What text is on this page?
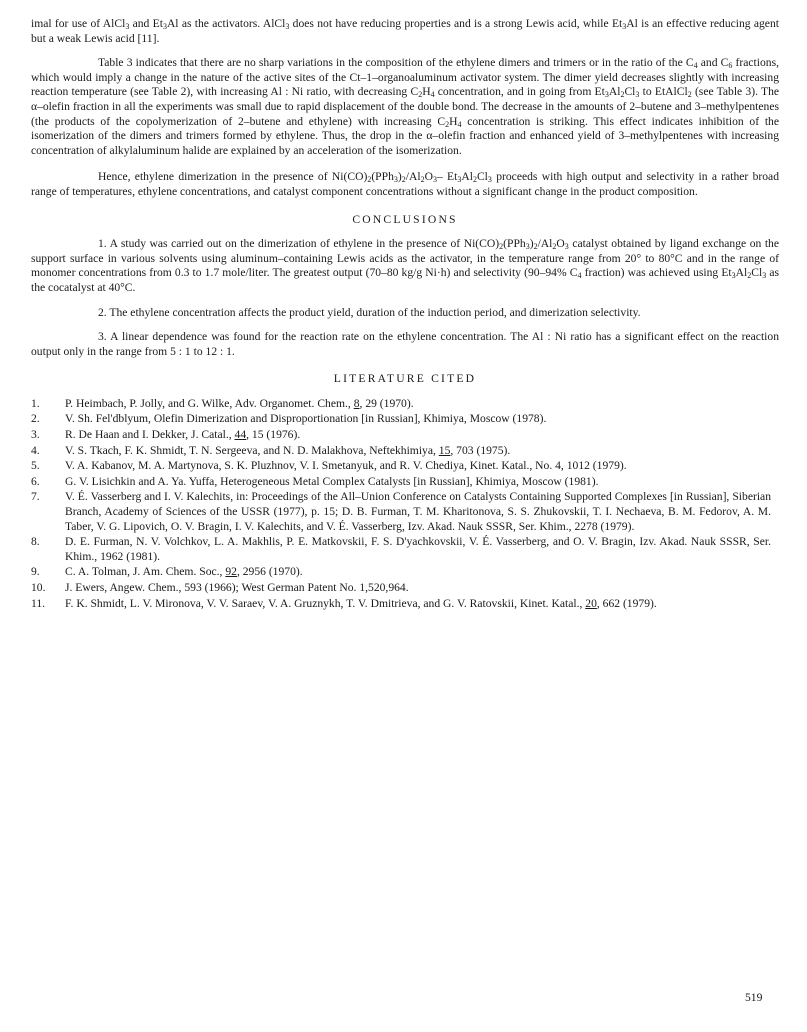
imal for use of AlCl$_3$ and $Et_3Al$ as the activators. AlCl$_3$ does not have reducing properties and is a strong Lewis acid, while $Et_3Al$ is an effective reducing agent but a weak Lewis acid [11].

Table 3 indicates that there are no sharp variations in the composition of the ethylene dimers and trimers or in the ratio of the $C_4$ and $C_6$ fractions, which would imply a change in the nature of the active sites of the Ct–1–organoaluminum activator system. The dimer yield decreases slightly with increasing reaction temperature (see Table 2), with increasing Al : Ni ratio, with decreasing $C_2H_4$ concentration, and in going from $Et_3Al_2Cl_3$ to EtAlCl$_2$ (see Table 3). The α–olefin fraction in all the experiments was small due to rapid displacement of the double bond. The decrease in the amounts of 2–butene and 3–methylpentenes (the products of the copolymerization of 2–butene and ethylene) with increasing $C_2H_4$ concentration is striking. This effect indicates inhibition of the isomerization of the dimers and trimers formed by ethylene. Thus, the drop in the α–olefin fraction and enhanced yield of 3–methylpentenes with increasing concentration of alkylaluminum halide are explained by an acceleration of the isomerization.

Hence, ethylene dimerization in the presence of $Ni(CO)_2(PPh_3)_2/Al_2O_3-$ $Et_3Al_2Cl_3$ proceeds with high output and selectivity in a rather broad range of temperatures, ethylene concentrations, and catalyst component concentrations without a significant change in the product composition.

CONCLUSIONS

1. A study was carried out on the dimerization of ethylene in the presence of $Ni(CO)_2(PPh_3)_2/Al_2O_3$ catalyst obtained by ligand exchange on the support surface in various solvents using aluminum–containing Lewis acids as the activator, in the temperature range from 20° to 80°C and in the range of monomer concentrations from 0.3 to 1.7 mole/liter. The greatest output (70–80 kg/g Ni·h) and selectivity (90–94% $C_4$ fraction) was achieved using $Et_3Al_2Cl_3$ as the cocatalyst at 40°C.

2. The ethylene concentration affects the product yield, duration of the induction period, and dimerization selectivity.

3. A linear dependence was found for the reaction rate on the ethylene concentration. The Al : Ni ratio has a significant effect on the reaction output only in the range from 5 : 1 to 12 : 1.

LITERATURE CITED
1.	P. Heimbach, P. Jolly, and G. Wilke, Adv. Organomet. Chem., 8, 29 (1970).
2.	V. Sh. Fel'dblyum, Olefin Dimerization and Disproportionation [in Russian], Khimiya, Moscow (1978).
3.	R. De Haan and I. Dekker, J. Catal., 44, 15 (1976).
4.	V. S. Tkach, F. K. Shmidt, T. N. Sergeeva, and N. D. Malakhova, Neftekhimiya, 15, 703 (1975).
5.	V. A. Kabanov, M. A. Martynova, S. K. Pluzhnov, V. I. Smetanyuk, and R. V. Chediya, Kinet. Katal., No. 4, 1012 (1979).
6.	G. V. Lisichkin and A. Ya. Yuffa, Heterogeneous Metal Complex Catalysts [in Russian], Khimiya, Moscow (1981).
7.	V. É. Vasserberg and I. V. Kalechits, in: Proceedings of the All–Union Conference on Catalysts Containing Supported Complexes [in Russian], Siberian Branch, Academy of Sciences of the USSR (1977), p. 15; D. B. Furman, T. M. Kharitonova, S. S. Zhukovskii, T. I. Nechaeva, B. M. Fedorov, A. M. Taber, V. G. Lipovich, O. V. Bragin, I. V. Kalechits, and V. É. Vasserberg, Izv. Akad. Nauk SSSR, Ser. Khim., 2278 (1979).
8.	D. E. Furman, N. V. Volchkov, L. A. Makhlis, P. E. Matkovskii, F. S. D'yachkovskii, V. É. Vasserberg, and O. V. Bragin, Izv. Akad. Nauk SSSR, Ser. Khim., 1962 (1981).
9.	C. A. Tolman, J. Am. Chem. Soc., 92, 2956 (1970).
10.	J. Ewers, Angew. Chem., 593 (1966); West German Patent No. 1,520,964.
11.	F. K. Shmidt, L. V. Mironova, V. V. Saraev, V. A. Gruznykh, T. V. Dmitrieva, and G. V. Ratovskii, Kinet. Katal., 20, 662 (1979).
519
